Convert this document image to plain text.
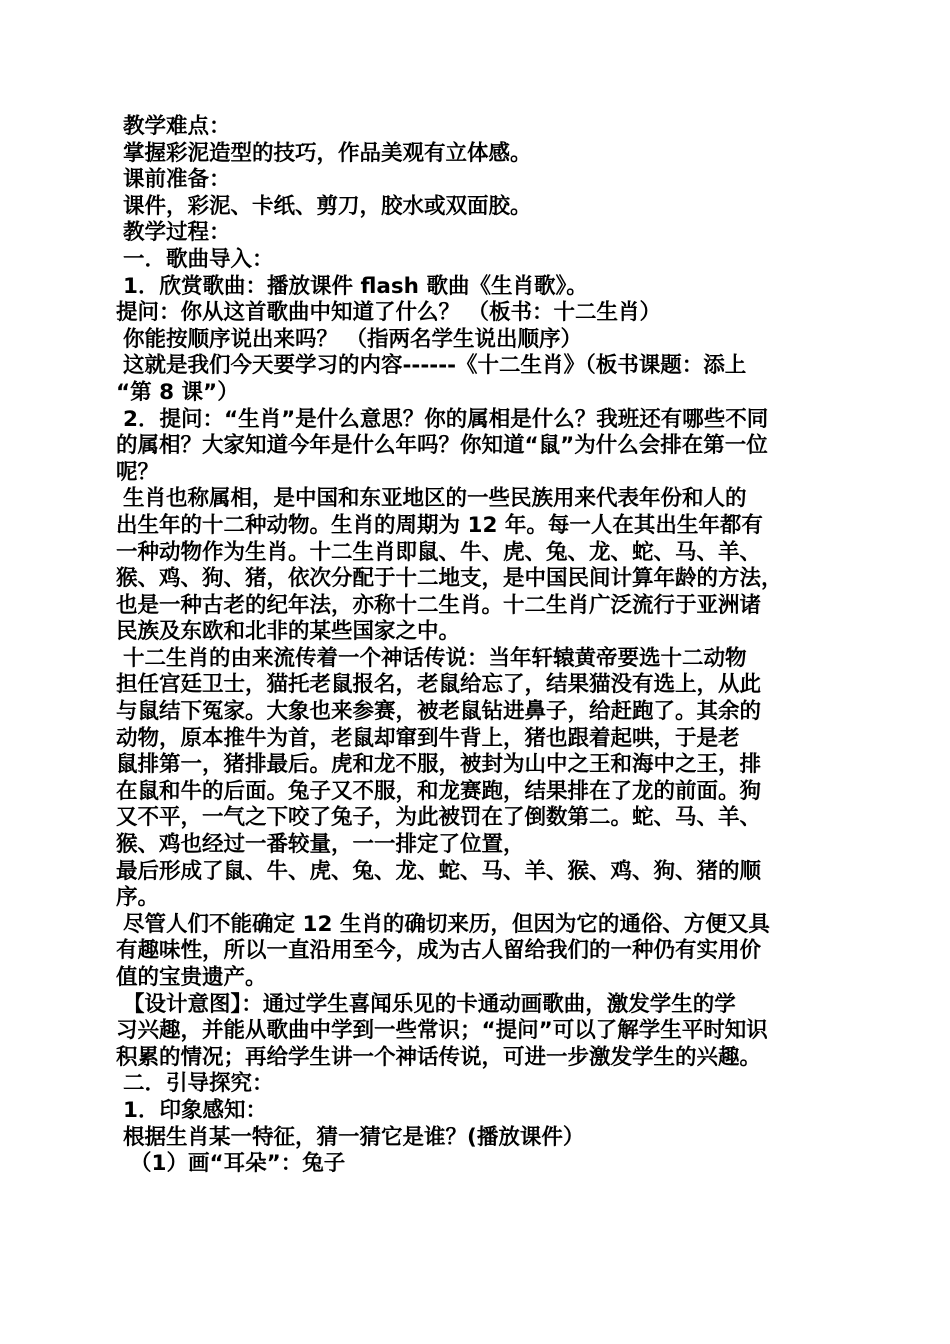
教学难点：
掌握彩泥造型的技巧，作品美观有立体感。
课前准备：
课件，彩泥、卡纸、剪刀，胶水或双面胶。
教学过程：
一．歌曲导入：
1．欣赏歌曲：播放课件 flash 歌曲《生肖歌》。
提问：你从这首歌曲中知道了什么？ （板书：十二生肖）
你能按顺序说出来吗？ （指两名学生说出顺序）
这就是我们今天要学习的内容------《十二生肖》（板书课题：添上
“第 8 课”）
2．提问：“生肖”是什么意思？你的属相是什么？我班还有哪些不同
的属相？大家知道今年是什么年吗？你知道“鼠”为什么会排在第一位
呢？
生肖也称属相，是中国和东亚地区的一些民族用来代表年份和人的
出生年的十二种动物。生肖的周期为 12 年。每一人在其出生年都有
一种动物作为生肖。十二生肖即鼠、牛、虎、兔、龙、蛇、马、羊、
猴、鸡、狗、猪，依次分配于十二地支，是中国民间计算年龄的方法，
也是一种古老的纪年法，亦称十二生肖。十二生肖广泛流行于亚洲诸
民族及东欧和北非的某些国家之中。
十二生肖的由来流传着一个神话传说：当年轩辕黄帝要选十二动物
担任宫廷卫士，猫托老鼠报名，老鼠给忘了，结果猫没有选上，从此
与鼠结下冤家。大象也来参赛，被老鼠钻进鼻子，给赶跑了。其余的
动物，原本推牛为首，老鼠却窜到牛背上，猪也跟着起哄，于是老
鼠排第一，猪排最后。虎和龙不服，被封为山中之王和海中之王，排
在鼠和牛的后面。兔子又不服，和龙赛跑，结果排在了龙的前面。狗
又不平，一气之下咬了兔子，为此被罚在了倒数第二。蛇、马、羊、
猴、鸡也经过一番较量，一一排定了位置，
最后形成了鼠、牛、虎、兔、龙、蛇、马、羊、猴、鸡、狗、猪的顺
序。
尽管人们不能确定 12 生肖的确切来历，但因为它的通俗、方便又具
有趣味性，所以一直沿用至今，成为古人留给我们的一种仍有实用价
值的宝贵遗产。
【设计意图】：通过学生喜闻乐见的卡通动画歌曲，激发学生的学
习兴趣，并能从歌曲中学到一些常识；“提问”可以了解学生平时知识
积累的情况；再给学生讲一个神话传说，可进一步激发学生的兴趣。
二．引导探究：
1．印象感知：
根据生肖某一特征，猜一猜它是谁？(播放课件）
（1）画“耳朵”：兔子
